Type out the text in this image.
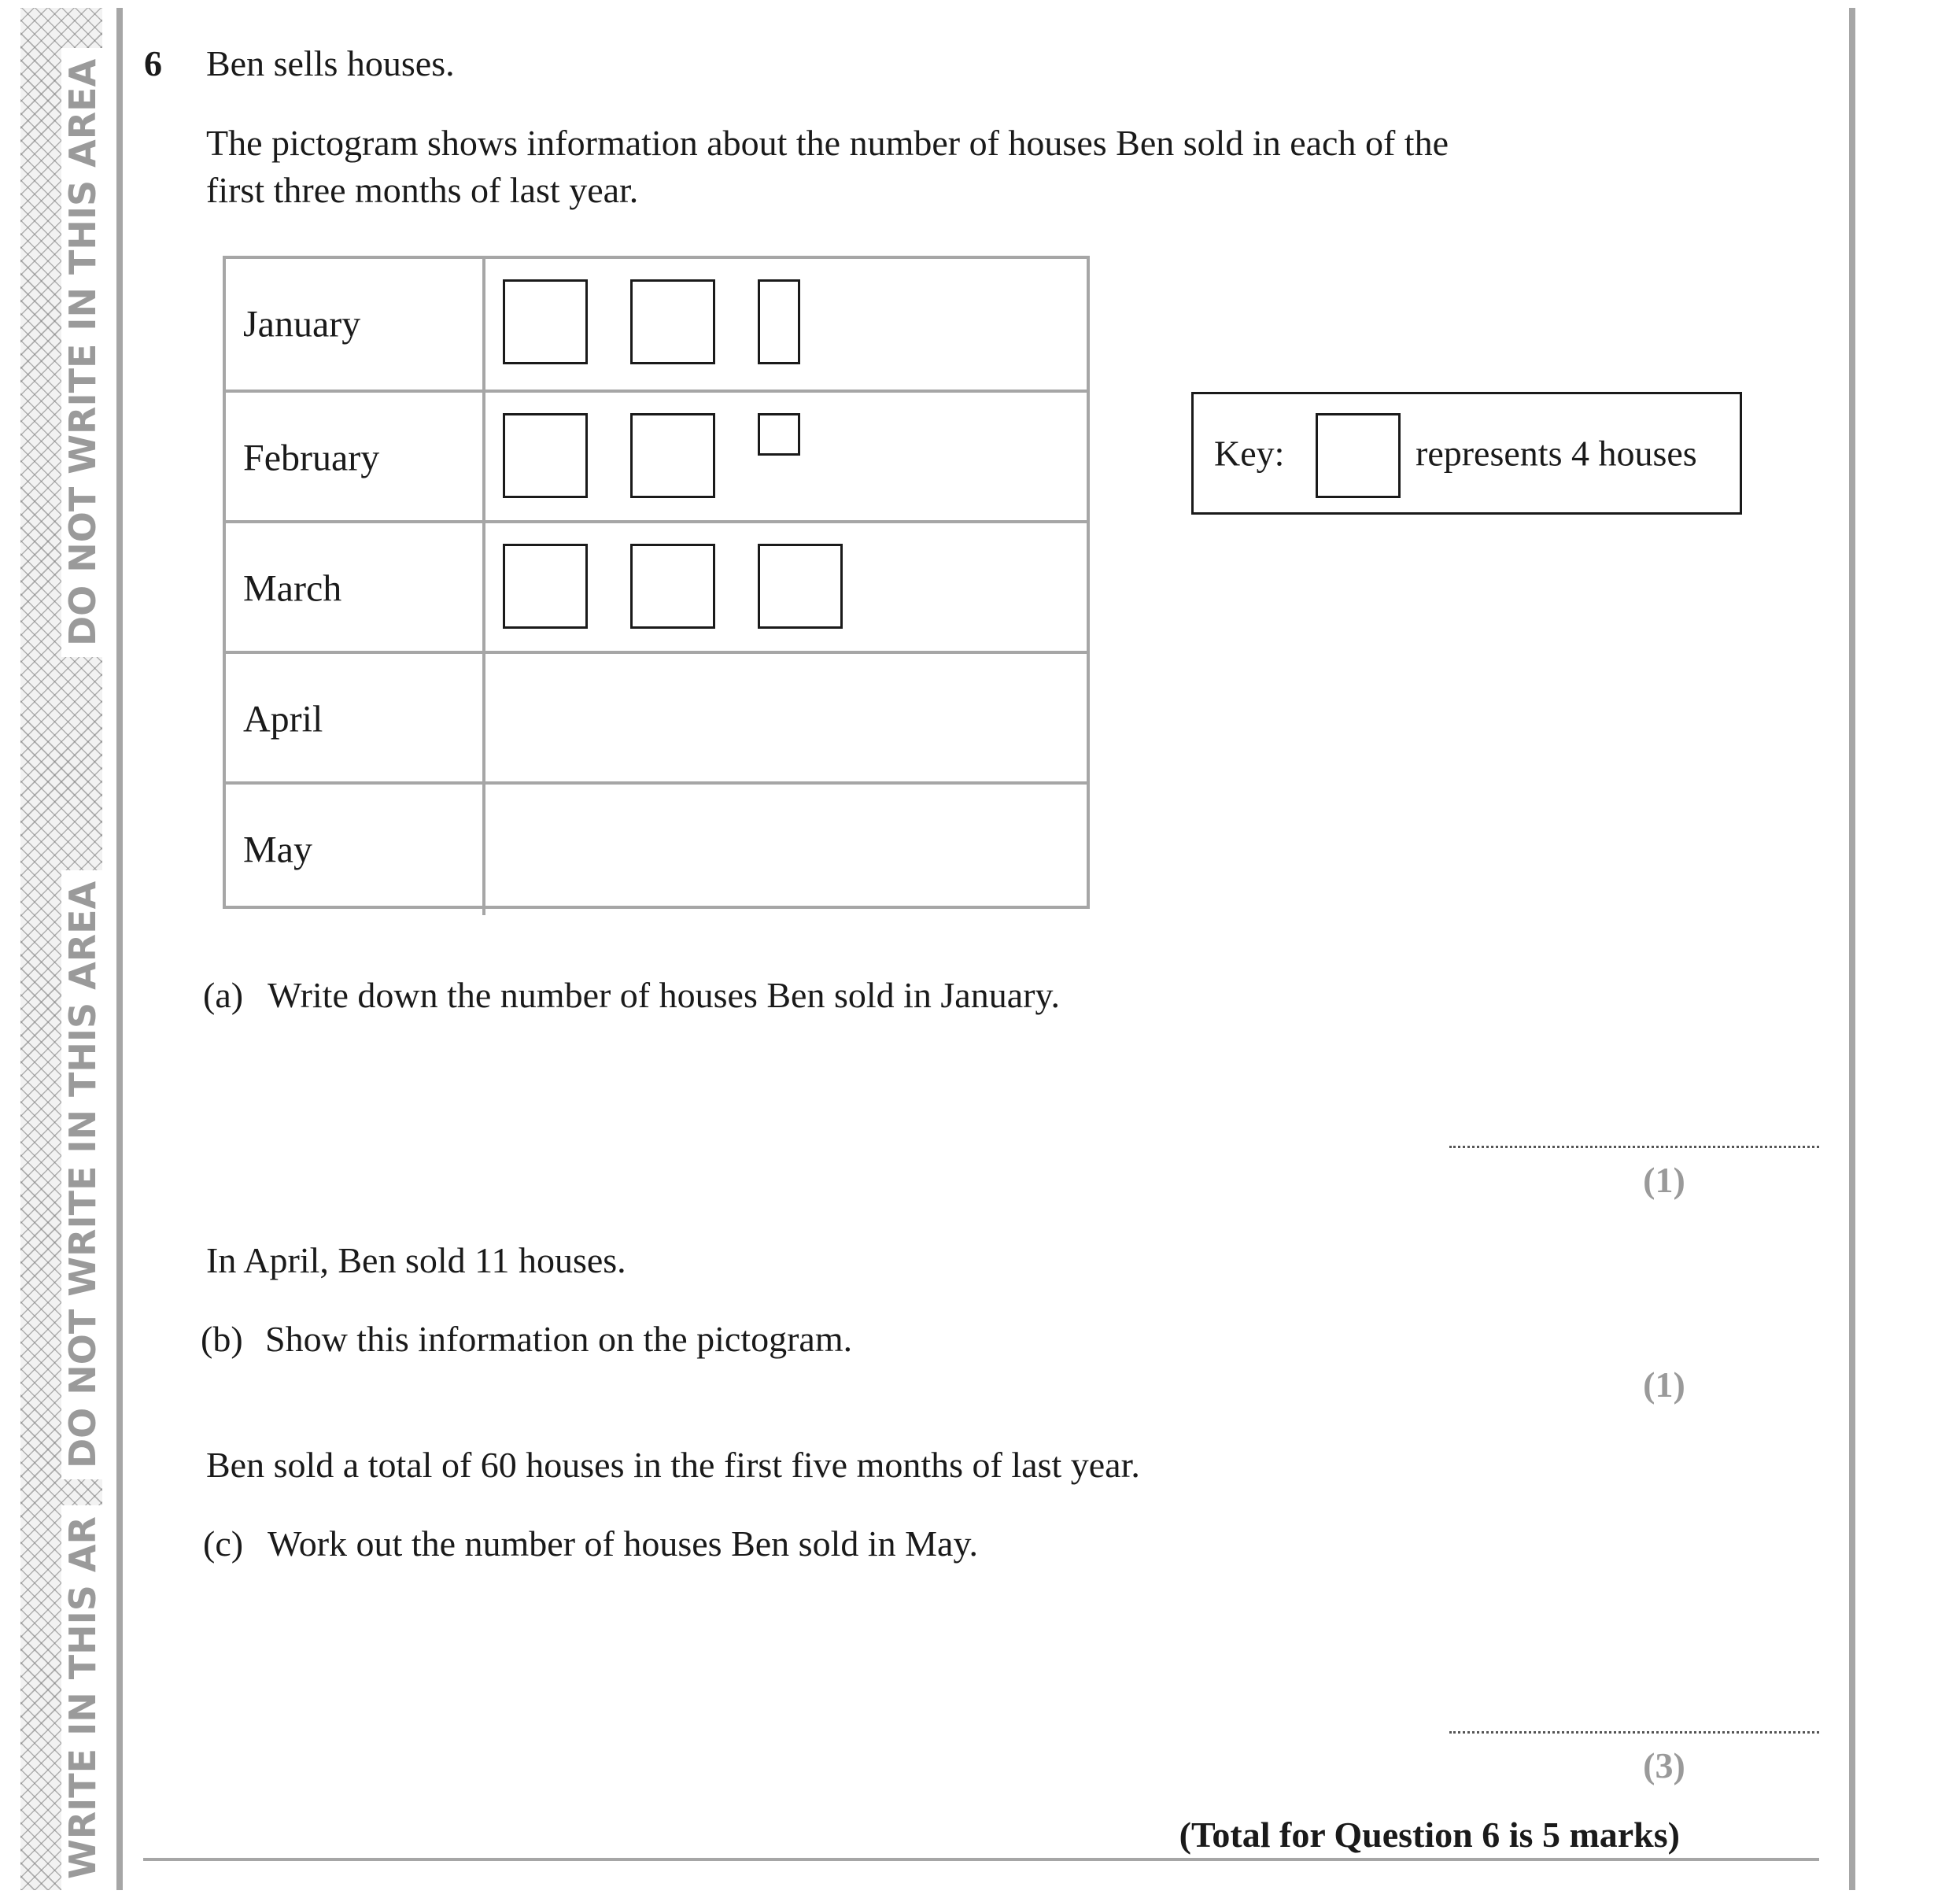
DO NOT WRITE IN THIS AREA
DO NOT WRITE IN THIS AREA
WRITE IN THIS AR
6 Ben sells houses.
The pictogram shows information about the number of houses Ben sold in each of the
first three months of last year.
January
February
March
April
May
Key:	represents 4 houses
(a) Write down the number of houses Ben sold in January.
(1)
In April, Ben sold 11 houses.
(b) Show this information on the pictogram.
(1)
Ben sold a total of 60 houses in the first five months of last year.
(c) Work out the number of houses Ben sold in May.
(3)
(Total for Question 6 is 5 marks)
